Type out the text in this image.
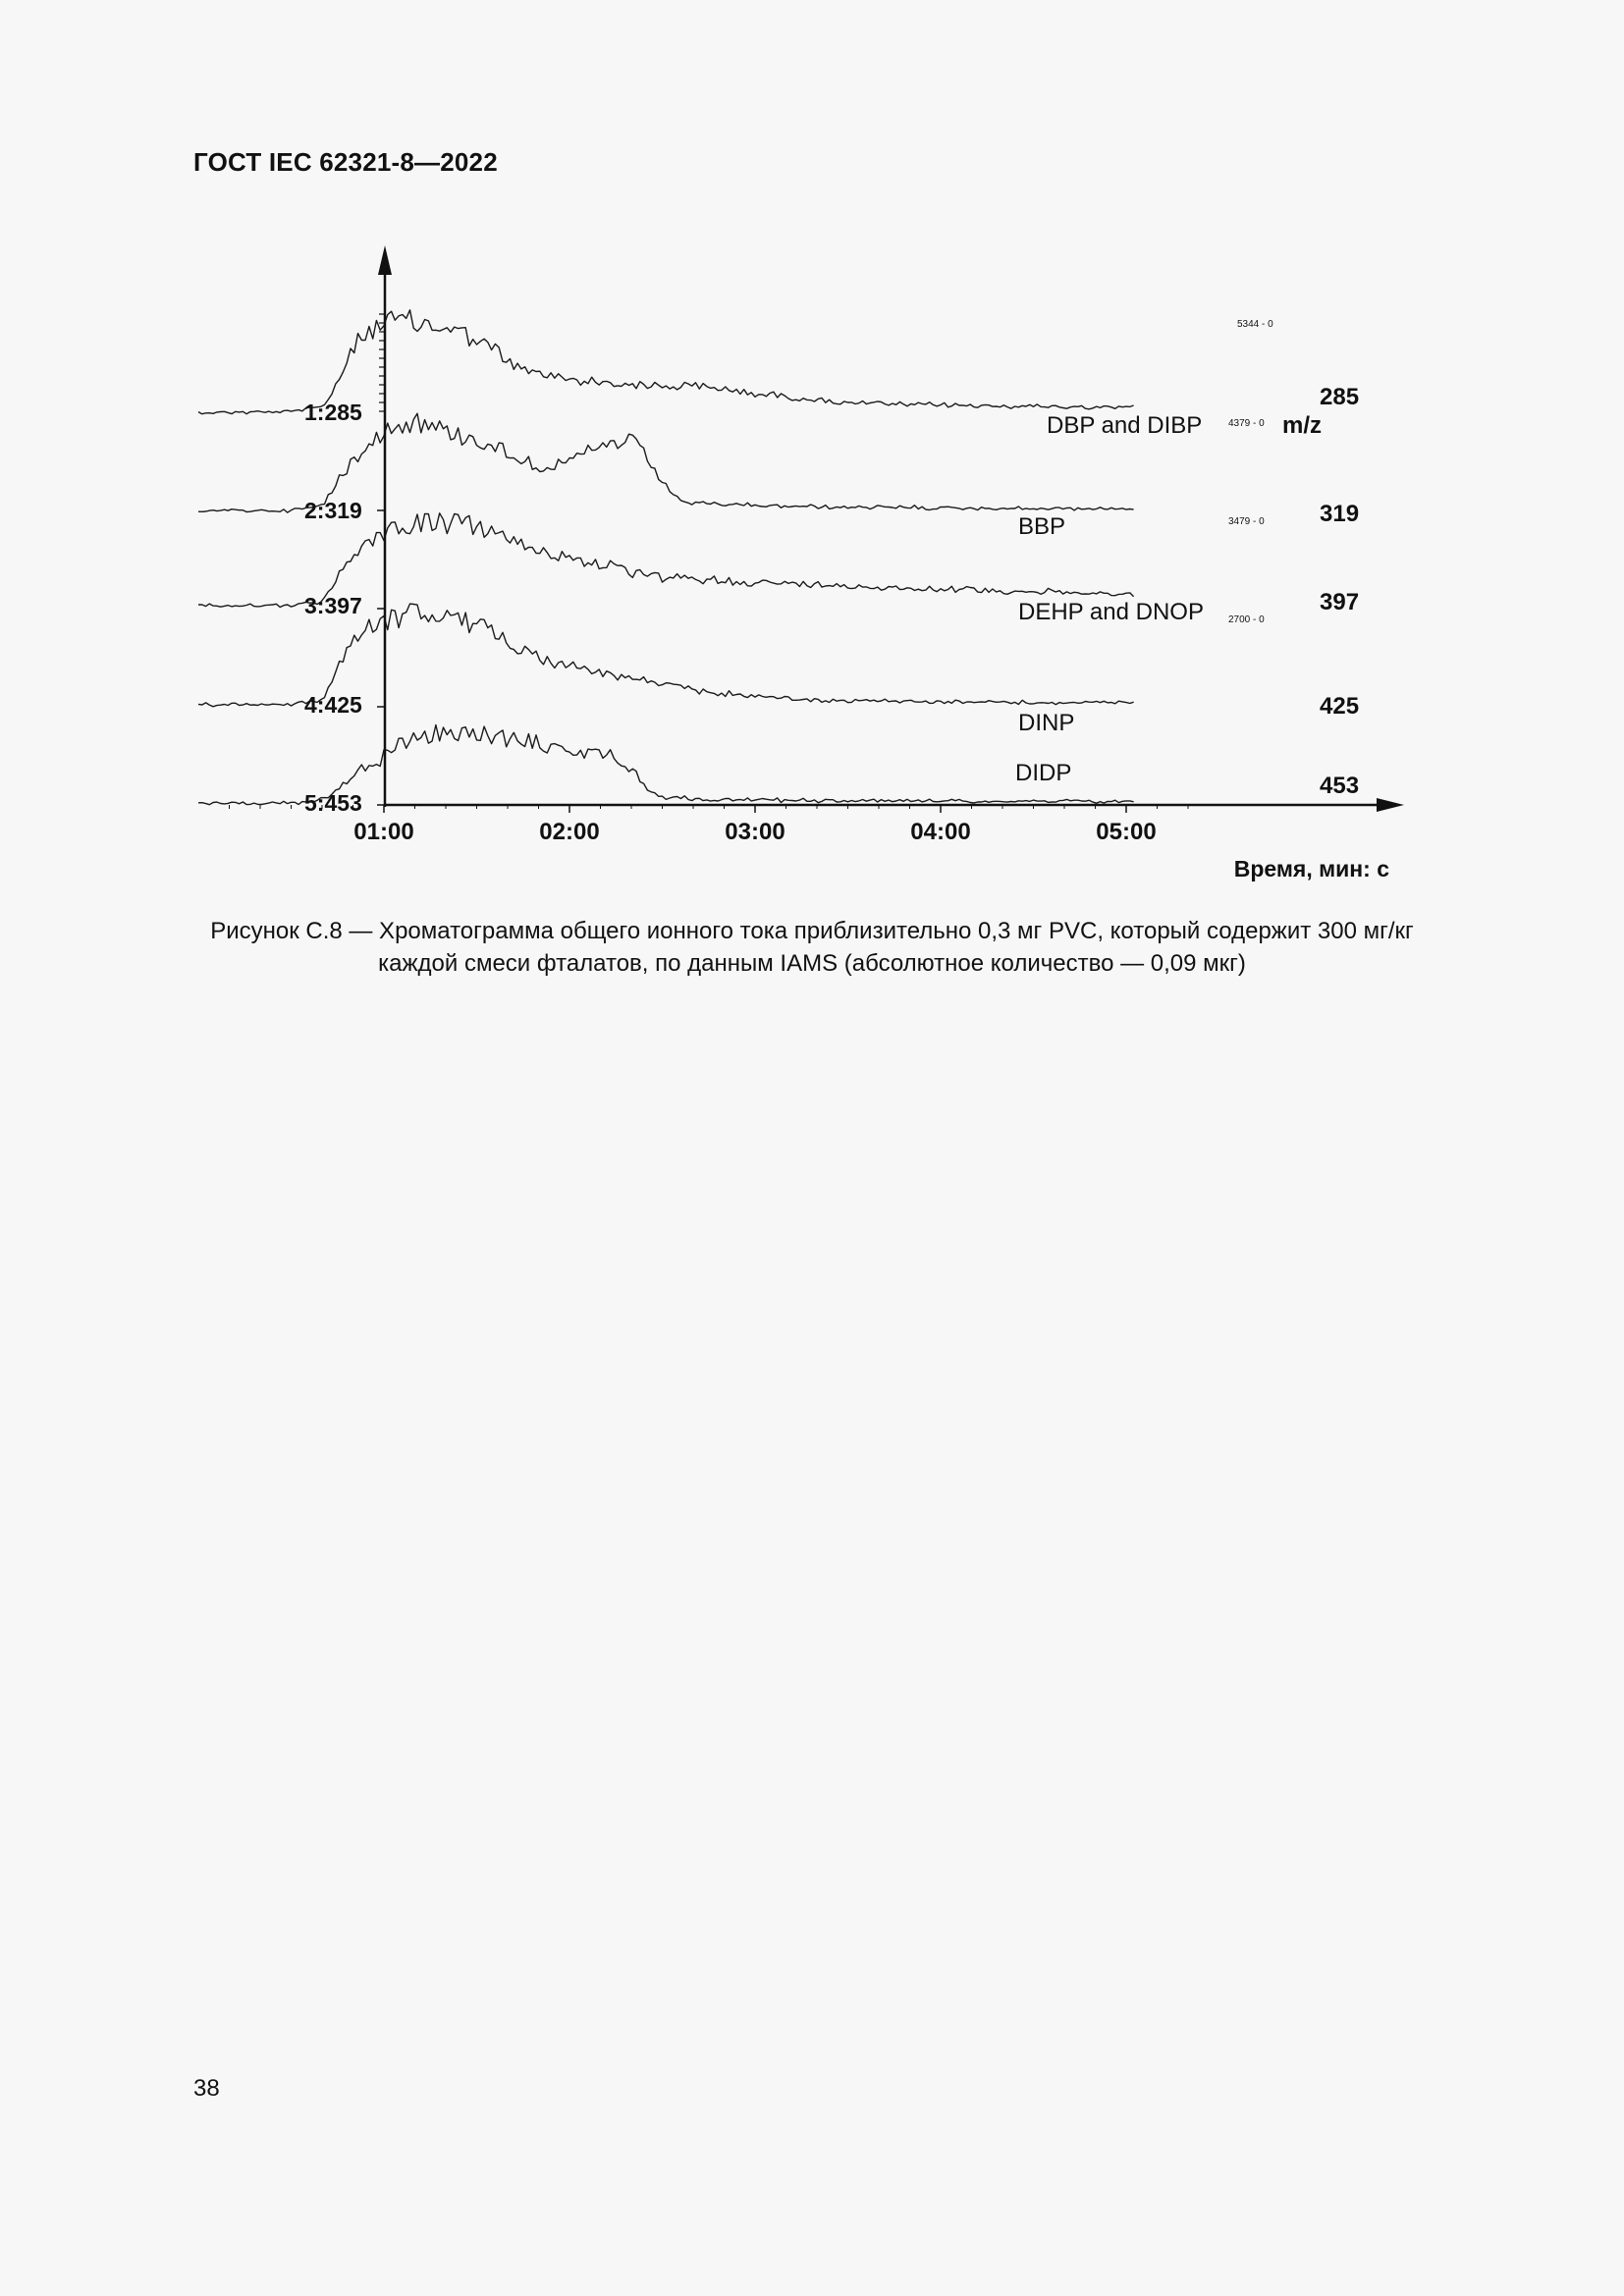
ГОСТ IEC 62321-8—2022
1:285
285
DBP and DIBP
5344 - 0
2:319	319
BBP
4379 - 0
3:397	397
DEHP and DNOP
3479 - 0
4:425	425
DINP
2700 - 0
5:453
453
DIDP
01:00	02:00	03:00	04:00	05:00
m/z
Время, мин: с
Рисунок С.8 — Хроматограмма общего ионного тока приблизительно 0,3 мг PVC, который содержит 300 мг/кг
каждой смеси фталатов, по данным IAMS (абсолютное количество — 0,09 мкг)
38
